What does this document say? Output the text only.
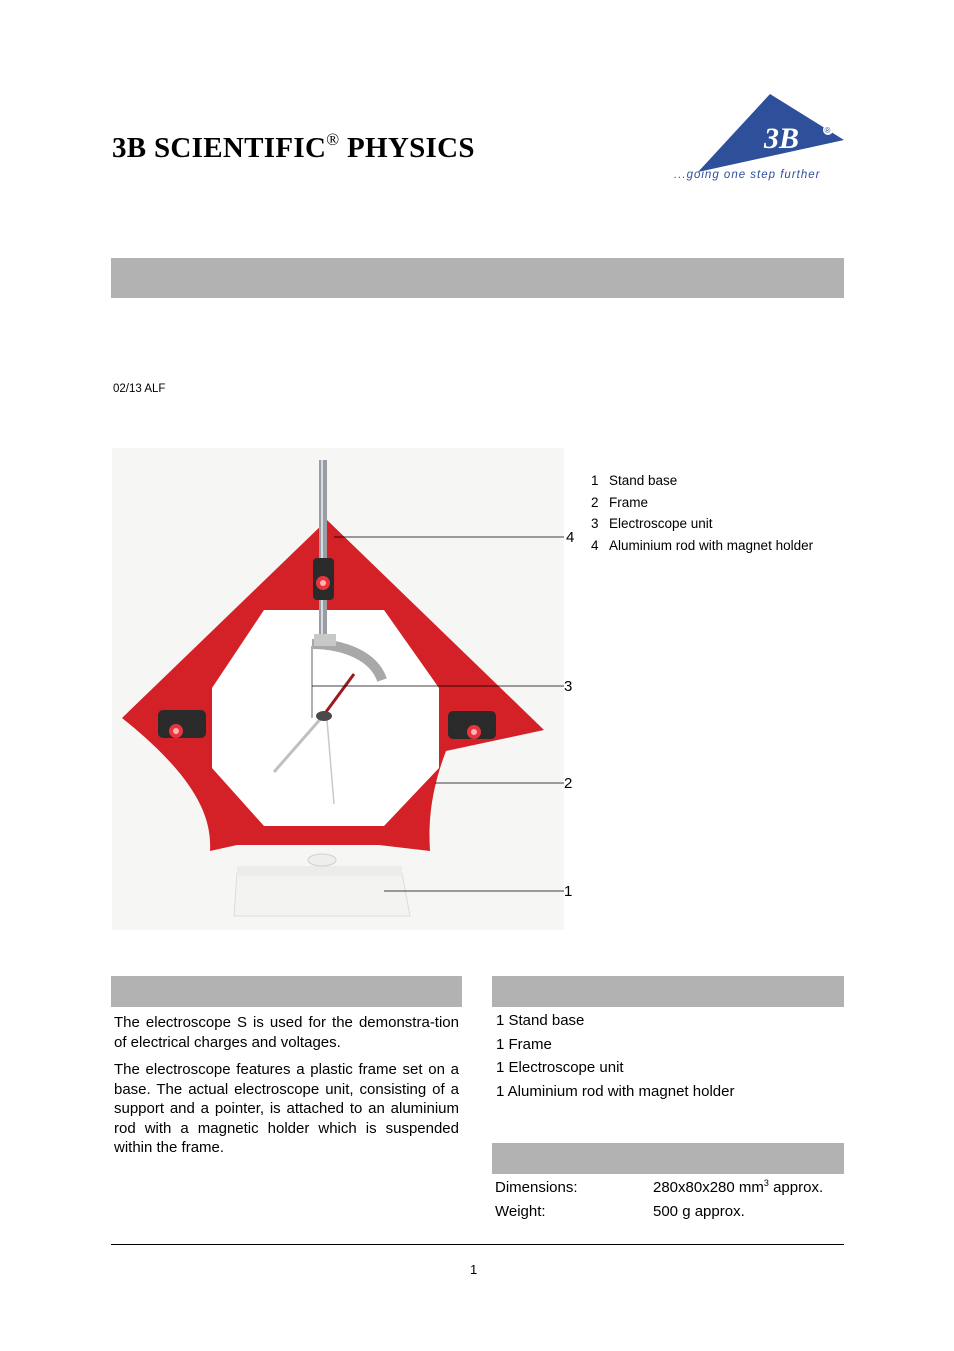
3B SCIENTIFIC® PHYSICS	3B	®
...going one step further
02/13 ALF
4
3
2
1
1 Stand base
2 Frame
3 Electroscope unit
4 Aluminium rod with magnet holder

The electroscope S is used for the demonstra-tion of electrical charges and voltages.

The electroscope features a plastic frame set on a base. The actual electroscope unit, consisting of a support and a pointer, is attached to an aluminium rod with a magnetic holder which is suspended within the frame.

1 Stand base
1 Frame
1 Electroscope unit
1 Aluminium rod with magnet holder
Dimensions:	280x80x280 $mm^3$ approx.
Weight:	500 g approx.
1
